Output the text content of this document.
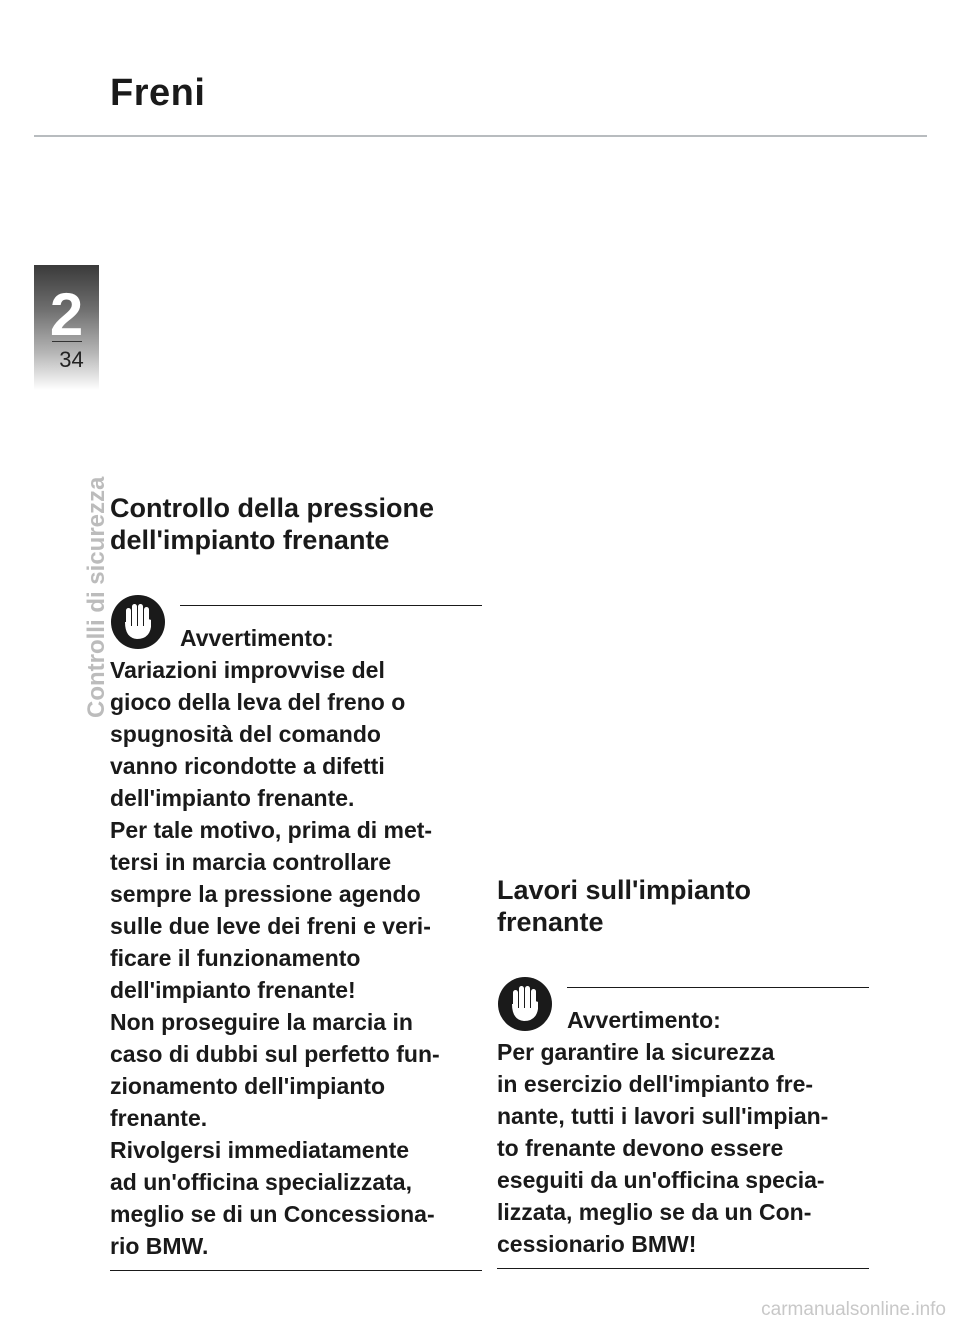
Freni
2
34
Controlli di sicurezza Controllo della pressione
dell'impianto frenante
Avvertimento:
Variazioni improvvise del
gioco della leva del freno o
spugnosità del comando
vanno ricondotte a difetti
dell'impianto frenante.
Per tale motivo, prima di met-
tersi in marcia controllare
sempre la pressione agendo
sulle due leve dei freni e veri-
ficare il funzionamento
dell'impianto frenante!
Non proseguire la marcia in
caso di dubbi sul perfetto fun-
zionamento dell'impianto
frenante.
Rivolgersi immediatamente
ad un'officina specializzata,
meglio se di un Concessiona-
rio BMW.
Lavori sull'impianto
frenante
Avvertimento:
Per garantire la sicurezza
in esercizio dell'impianto fre-
nante, tutti i lavori sull'impian-
to frenante devono essere
eseguiti da un'officina specia-
lizzata, meglio se da un Con-
cessionario BMW!
carmanualsonline.info
